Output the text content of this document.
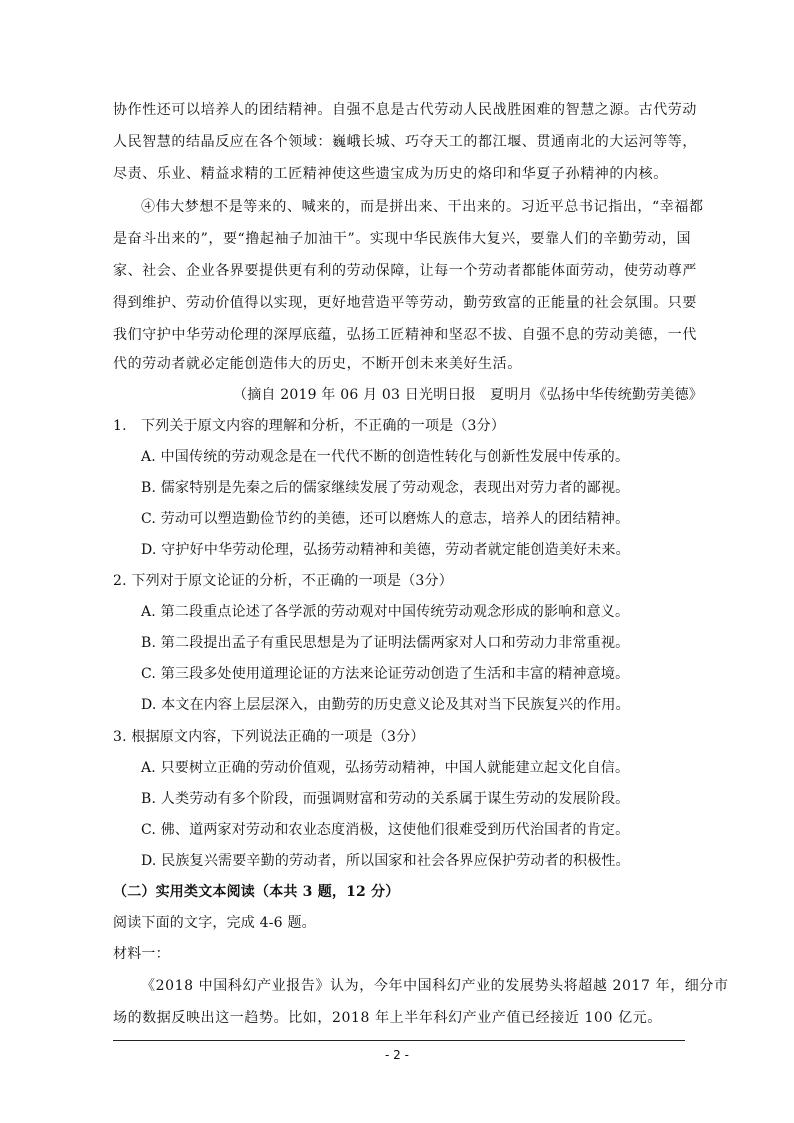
协作性还可以培养人的团结精神。自强不息是古代劳动人民战胜困难的智慧之源。古代劳动
人民智慧的结晶反应在各个领域：巍峨长城、巧夺天工的都江堰、贯通南北的大运河等等，
尽责、乐业、精益求精的工匠精神使这些遗宝成为历史的烙印和华夏子孙精神的内核。
④伟大梦想不是等来的、喊来的，而是拼出来、干出来的。习近平总书记指出，“幸福都
是奋斗出来的”，要“撸起袖子加油干”。实现中华民族伟大复兴，要靠人们的辛勤劳动，国
家、社会、企业各界要提供更有利的劳动保障，让每一个劳动者都能体面劳动，使劳动尊严
得到维护、劳动价值得以实现，更好地营造平等劳动，勤劳致富的正能量的社会氛围。只要
我们守护中华劳动伦理的深厚底蕴，弘扬工匠精神和坚忍不拔、自强不息的劳动美德，一代
代的劳动者就必定能创造伟大的历史，不断开创未来美好生活。
（摘自 2019 年 06 月 03 日光明日报　夏明月《弘扬中华传统勤劳美德》
1.　下列关于原文内容的理解和分析，不正确的一项是（3分）
A. 中国传统的劳动观念是在一代代不断的创造性转化与创新性发展中传承的。
B. 儒家特别是先秦之后的儒家继续发展了劳动观念，表现出对劳力者的鄙视。
C. 劳动可以塑造勤俭节约的美德，还可以磨炼人的意志，培养人的团结精神。
D. 守护好中华劳动伦理，弘扬劳动精神和美德，劳动者就定能创造美好未来。
2. 下列对于原文论证的分析，不正确的一项是（3分）
A. 第二段重点论述了各学派的劳动观对中国传统劳动观念形成的影响和意义。
B. 第二段提出孟子有重民思想是为了证明法儒两家对人口和劳动力非常重视。
C. 第三段多处使用道理论证的方法来论证劳动创造了生活和丰富的精神意境。
D. 本文在内容上层层深入，由勤劳的历史意义论及其对当下民族复兴的作用。
3. 根据原文内容，下列说法正确的一项是（3分）
A. 只要树立正确的劳动价值观，弘扬劳动精神，中国人就能建立起文化自信。
B. 人类劳动有多个阶段，而强调财富和劳动的关系属于谋生劳动的发展阶段。
C. 佛、道两家对劳动和农业态度消极，这使他们很难受到历代治国者的肯定。
D. 民族复兴需要辛勤的劳动者，所以国家和社会各界应保护劳动者的积极性。
（二）实用类文本阅读（本共 3 题，12 分）
阅读下面的文字，完成 4-6 题。
材料一：
《2018 中国科幻产业报告》认为，今年中国科幻产业的发展势头将超越 2017 年，细分市
场的数据反映出这一趋势。比如，2018 年上半年科幻产业产值已经接近 100 亿元。
- 2 -
